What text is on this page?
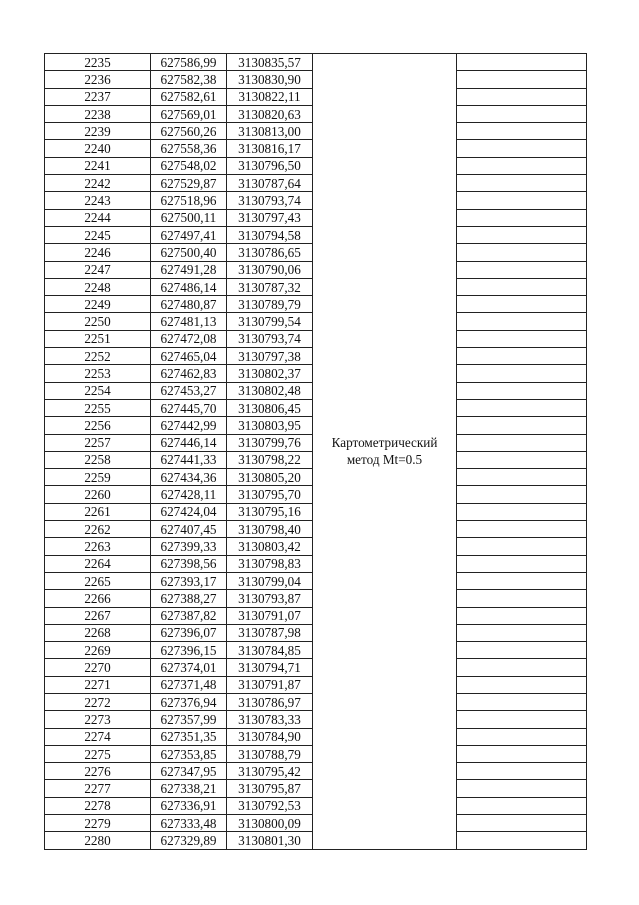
2235	627586,99	3130835,57	Картометрический метод Mt=0.5	
2236	627582,38	3130830,90		
2237	627582,61	3130822,11		
2238	627569,01	3130820,63		
2239	627560,26	3130813,00		
2240	627558,36	3130816,17		
2241	627548,02	3130796,50		
2242	627529,87	3130787,64		
2243	627518,96	3130793,74		
2244	627500,11	3130797,43		
2245	627497,41	3130794,58		
2246	627500,40	3130786,65		
2247	627491,28	3130790,06		
2248	627486,14	3130787,32		
2249	627480,87	3130789,79		
2250	627481,13	3130799,54		
2251	627472,08	3130793,74		
2252	627465,04	3130797,38		
2253	627462,83	3130802,37		
2254	627453,27	3130802,48		
2255	627445,70	3130806,45		
2256	627442,99	3130803,95		
2257	627446,14	3130799,76		
2258	627441,33	3130798,22		
2259	627434,36	3130805,20		
2260	627428,11	3130795,70		
2261	627424,04	3130795,16		
2262	627407,45	3130798,40		
2263	627399,33	3130803,42		
2264	627398,56	3130798,83		
2265	627393,17	3130799,04		
2266	627388,27	3130793,87		
2267	627387,82	3130791,07		
2268	627396,07	3130787,98		
2269	627396,15	3130784,85		
2270	627374,01	3130794,71		
2271	627371,48	3130791,87		
2272	627376,94	3130786,97		
2273	627357,99	3130783,33		
2274	627351,35	3130784,90		
2275	627353,85	3130788,79		
2276	627347,95	3130795,42		
2277	627338,21	3130795,87		
2278	627336,91	3130792,53		
2279	627333,48	3130800,09		
2280	627329,89	3130801,30		
